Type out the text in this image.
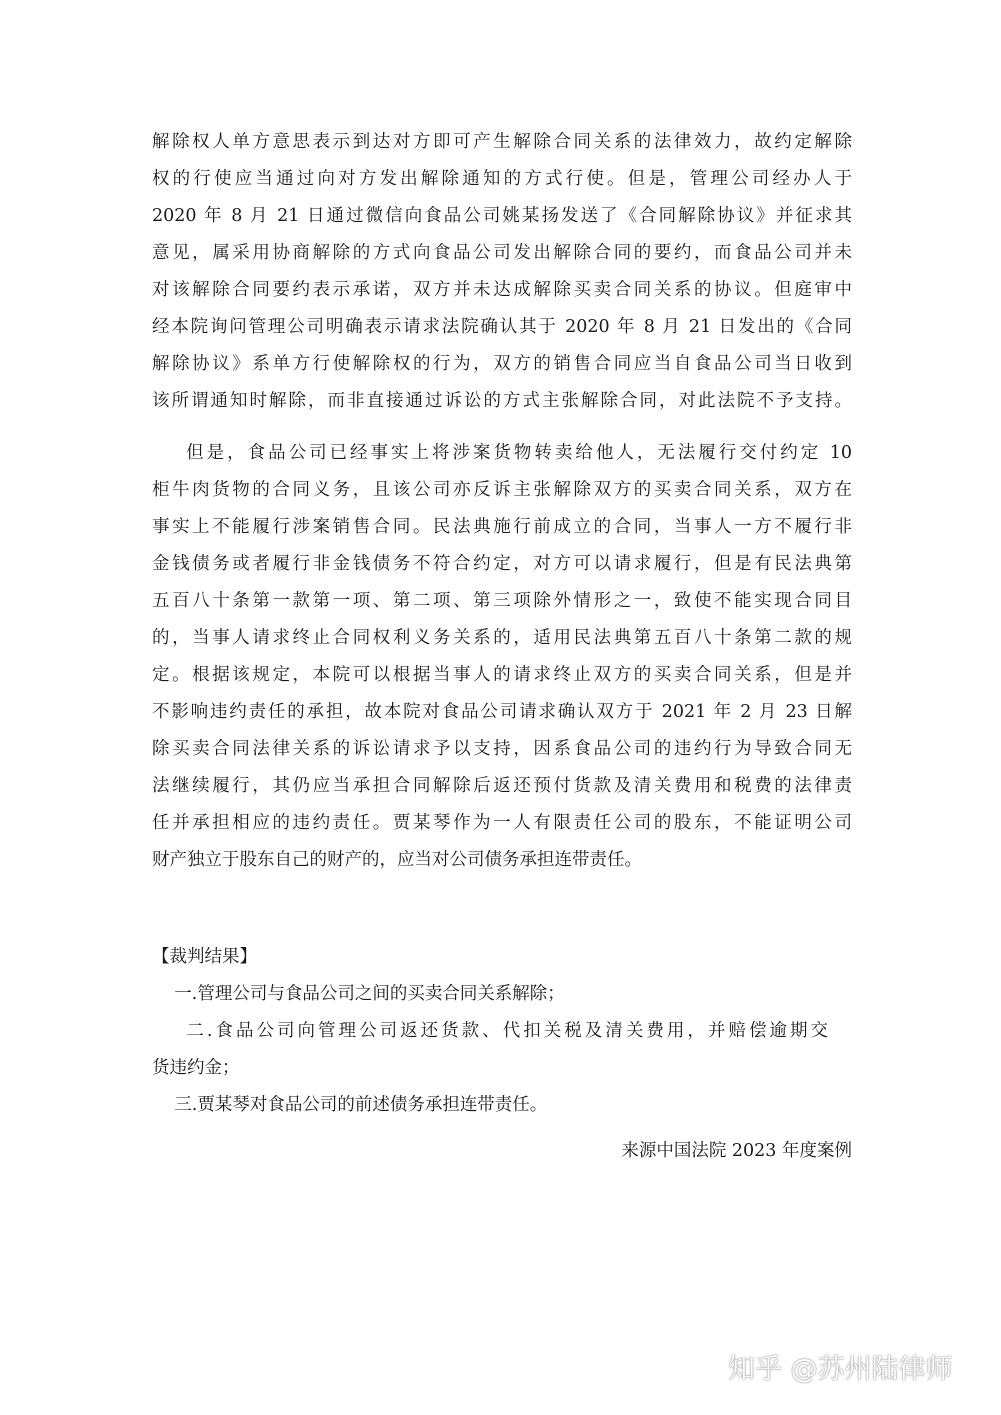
解除权人单方意思表示到达对方即可产生解除合同关系的法律效力，故约定解除
权的行使应当通过向对方发出解除通知的方式行使。但是，管理公司经办人于
2020 年 8 月 21 日通过微信向食品公司姚某扬发送了《合同解除协议》并征求其
意见，属采用协商解除的方式向食品公司发出解除合同的要约，而食品公司并未
对该解除合同要约表示承诺，双方并未达成解除买卖合同关系的协议。但庭审中
经本院询问管理公司明确表示请求法院确认其于 2020 年 8 月 21 日发出的《合同
解除协议》系单方行使解除权的行为，双方的销售合同应当自食品公司当日收到
该所谓通知时解除，而非直接通过诉讼的方式主张解除合同，对此法院不予支持。
但是，食品公司已经事实上将涉案货物转卖给他人，无法履行交付约定 10
柜牛肉货物的合同义务，且该公司亦反诉主张解除双方的买卖合同关系，双方在
事实上不能履行涉案销售合同。民法典施行前成立的合同，当事人一方不履行非
金钱债务或者履行非金钱债务不符合约定，对方可以请求履行，但是有民法典第
五百八十条第一款第一项、第二项、第三项除外情形之一，致使不能实现合同目
的，当事人请求终止合同权利义务关系的，适用民法典第五百八十条第二款的规
定。根据该规定，本院可以根据当事人的请求终止双方的买卖合同关系，但是并
不影响违约责任的承担，故本院对食品公司请求确认双方于 2021 年 2 月 23 日解
除买卖合同法律关系的诉讼请求予以支持，因系食品公司的违约行为导致合同无
法继续履行，其仍应当承担合同解除后返还预付货款及清关费用和税费的法律责
任并承担相应的违约责任。贾某琴作为一人有限责任公司的股东，不能证明公司
财产独立于股东自己的财产的，应当对公司债务承担连带责任。
【裁判结果】
一.管理公司与食品公司之间的买卖合同关系解除；
二.食品公司向管理公司返还货款、代扣关税及清关费用，并赔偿逾期交
货违约金；
三.贾某琴对食品公司的前述债务承担连带责任。
来源中国法院 2023 年度案例
知乎 @苏州陆律师
